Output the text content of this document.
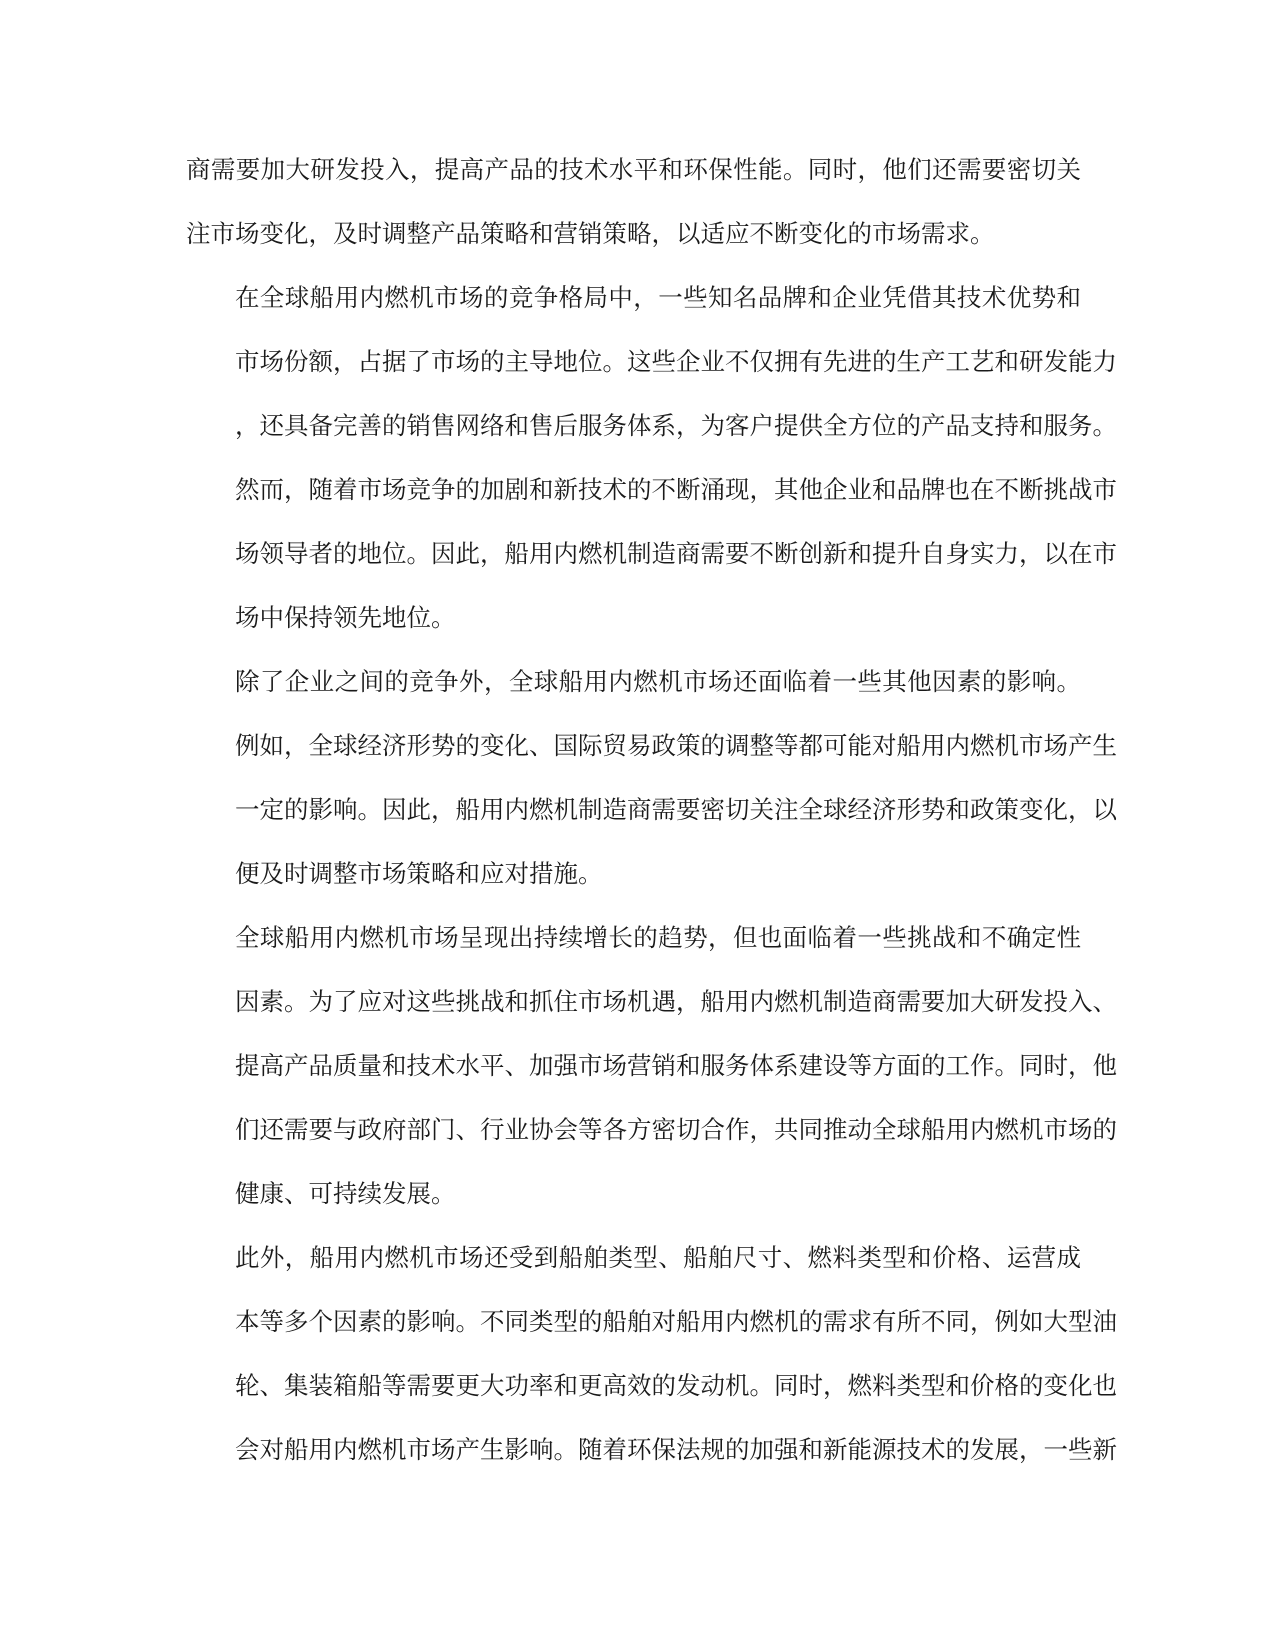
商需要加大研发投入，提高产品的技术水平和环保性能。同时，他们还需要密切关
注市场变化，及时调整产品策略和营销策略，以适应不断变化的市场需求。
在全球船用内燃机市场的竞争格局中，一些知名品牌和企业凭借其技术优势和
市场份额，占据了市场的主导地位。这些企业不仅拥有先进的生产工艺和研发能力
，还具备完善的销售网络和售后服务体系，为客户提供全方位的产品支持和服务。
然而，随着市场竞争的加剧和新技术的不断涌现，其他企业和品牌也在不断挑战市
场领导者的地位。因此，船用内燃机制造商需要不断创新和提升自身实力，以在市
场中保持领先地位。
除了企业之间的竞争外，全球船用内燃机市场还面临着一些其他因素的影响。
例如，全球经济形势的变化、国际贸易政策的调整等都可能对船用内燃机市场产生
一定的影响。因此，船用内燃机制造商需要密切关注全球经济形势和政策变化，以
便及时调整市场策略和应对措施。
全球船用内燃机市场呈现出持续增长的趋势，但也面临着一些挑战和不确定性
因素。为了应对这些挑战和抓住市场机遇，船用内燃机制造商需要加大研发投入、
提高产品质量和技术水平、加强市场营销和服务体系建设等方面的工作。同时，他
们还需要与政府部门、行业协会等各方密切合作，共同推动全球船用内燃机市场的
健康、可持续发展。
此外，船用内燃机市场还受到船舶类型、船舶尺寸、燃料类型和价格、运营成
本等多个因素的影响。不同类型的船舶对船用内燃机的需求有所不同，例如大型油
轮、集装箱船等需要更大功率和更高效的发动机。同时，燃料类型和价格的变化也
会对船用内燃机市场产生影响。随着环保法规的加强和新能源技术的发展，一些新
